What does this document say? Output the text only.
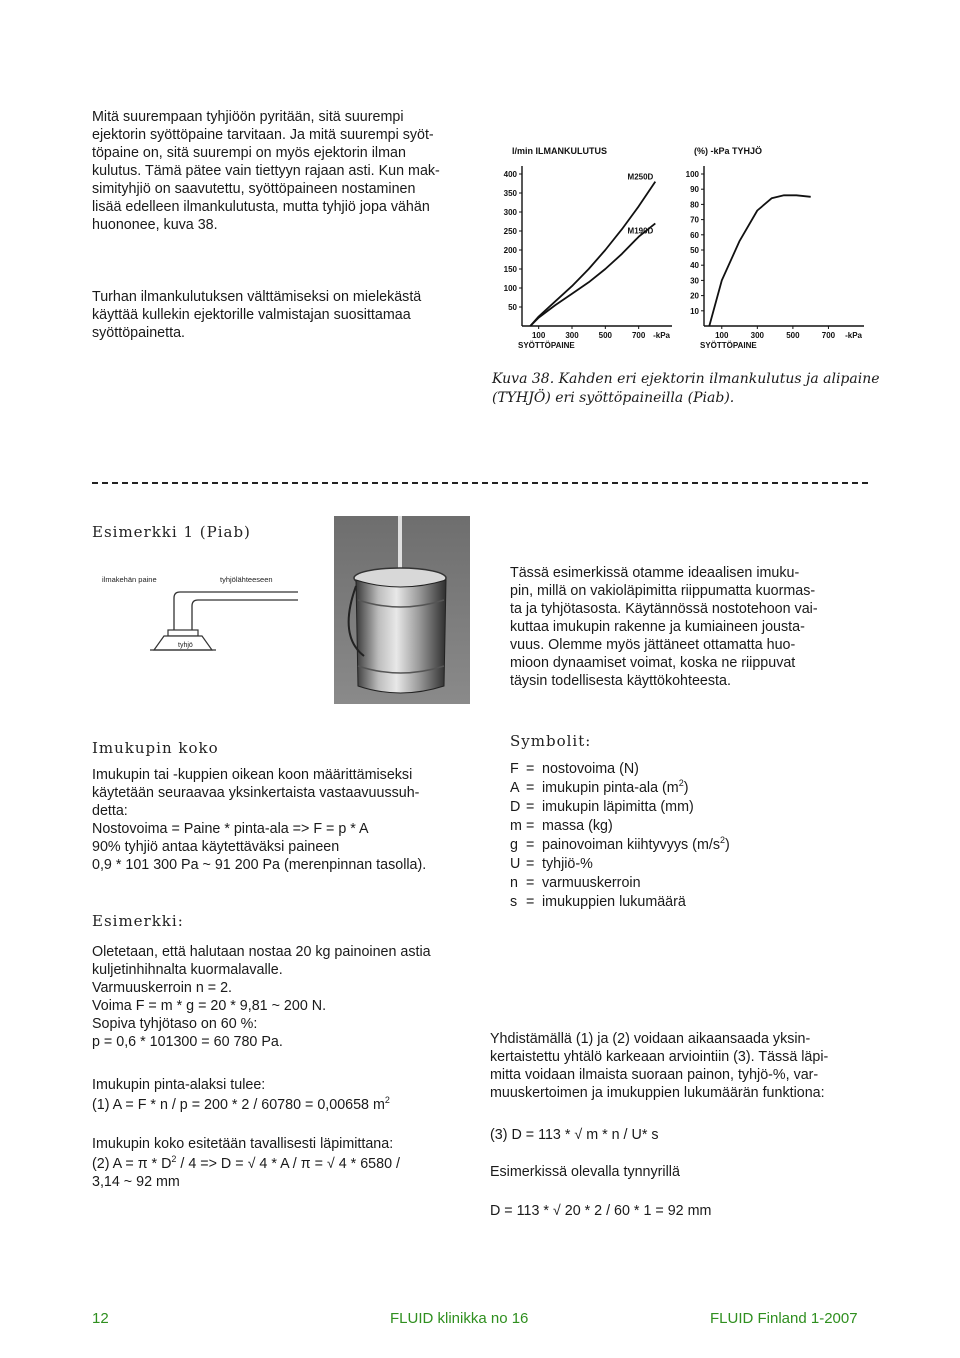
Mitä suurempaan tyhjiöön pyritään, sitä suurempi
ejektorin syöttöpaine tarvitaan. Ja mitä suurempi syöt-
töpaine on, sitä suurempi on myös ejektorin ilman
kulutus. Tämä pätee vain tiettyyn rajaan asti. Kun mak-
simityhjiö on saavutettu, syöttöpaineen nostaminen
lisää edelleen ilmankulutusta, mutta tyhjiö jopa vähän
huononee, kuva 38.

Turhan ilmankulutuksen välttämiseksi on mielekästä
käyttää kullekin ejektorille valmistajan suosittamaa
syöttöpainetta.

l/min ILMANKULUTUS
400
350
300
250
200
150
100
50
100 300 500 700 -kPa
SYÖTTÖPAINE
M250D
M190D
(%) -kPa TYHJÖ
100
90
80
70
60
50
40
30
20
10
100	300	500	700 -kPa
SYÖTTÖPAINE
Kuva 38. Kahden eri ejektorin ilmankulutus ja alipaine
(TYHJÖ) eri syöttöpaineilla (Piab).
Esimerkki 1 (Piab)
ilmakehän paine	tyhjölähteeseen
tyhjö

Tässä esimerkissä otamme ideaalisen imuku-
pin, millä on vakioläpimitta riippumatta kuormas-
ta ja tyhjötasosta. Käytännössä nostotehoon vai-
kuttaa imukupin rakenne ja kumiaineen jousta-
vuus. Olemme myös jättäneet ottamatta huo-
mioon dynaamiset voimat, koska ne riippuvat
täysin todellisesta käyttökohteesta.

Imukupin koko

Imukupin tai -kuppien oikean koon määrittämiseksi
käytetään seuraavaa yksinkertaista vastaavuussuh-
detta:
Nostovoima = Paine * pinta-ala => F = p * A
90% tyhjiö antaa käytettäväksi paineen
0,9 * 101 300 Pa ~ 91 200 Pa (merenpinnan tasolla).

Esimerkki:

Oletetaan, että halutaan nostaa 20 kg painoinen astia
kuljetinhihnalta kuormalavalle.
Varmuuskerroin n = 2.
Voima F = m * g = 20 * 9,81 ~ 200 N.
Sopiva tyhjötaso on 60 %:
p = 0,6 * 101300 = 60 780 Pa.

Imukupin pinta-alaksi tulee:
(1) A = F * n / p = 200 * 2 / 60780 = 0,00658 $m^2$
Imukupin koko esitetään tavallisesti läpimittana:
(2) $A = \pi * D^2 / 4 => D$ = √ 4 * A / π = √ 4 * 6580 /
3,14 ~ 92 mm
Symbolit:
F = nostovoima (N)
A = imukupin pinta-ala $(m^2)$
D = imukupin läpimitta (mm)
m = massa (kg)
g = painovoiman kiihtyvyys $(m/s^2)$
U = tyhjiö-%
n = varmuuskerroin
s = imukuppien lukumäärä

Yhdistämällä (1) ja (2) voidaan aikaansaada yksin-
kertaistettu yhtälö karkeaan arviointiin (3). Tässä läpi-
mitta voidaan ilmaista suoraan painon, tyhjö-%, var-
muuskertoimen ja imukuppien lukumäärän funktiona:

(3) D = 113 * √ m * n / U* s
Esimerkissä olevalla tynnyrillä
D = 113 * √ 20 * 2 / 60 * 1 = 92 mm
12	FLUID klinikka no 16	FLUID Finland 1-2007
